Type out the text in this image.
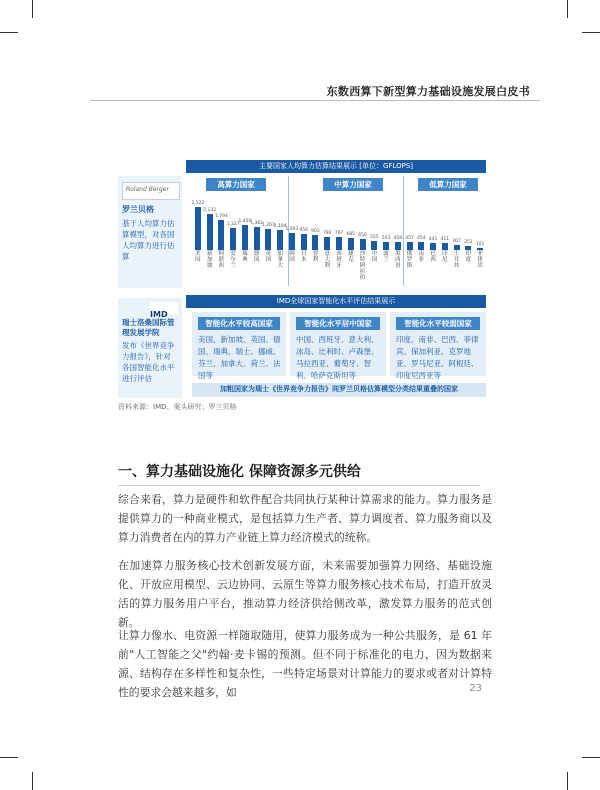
东数西算下新型算力基础设施发展白皮书
主要国家人均算力估算结果展示 [单位：GFLOPS]
Roland Berger
罗兰贝格
基于人均算力估算模型，对各国人均算力进行估算
高算力国家	中算力国家	低算力国家
2,522
2,132
1,794
1,327
1,450
1,362
1,263
1,194
1,003 956 903 790 767 685 650 555 503 458 457 454 441 411 307 252
101
美国
新加坡
阿联酋
爱尔兰
瑞典
德国
英国
加拿大
韩国
日本
智利
意大利
西班牙
捷克
沙特阿拉伯
中国
波兰
墨西哥
俄罗斯
南非
巴西
印尼
土耳其
印度
菲律宾
IMD全球国家智能化水平评估结果展示
IMD
瑞士洛桑国际管理发展学院
发布《世界竞争力报告》，针对各国智能化水平进行评估
智能化水平较高国家	智能化水平居中国家	智能化水平较弱国家
美国、新加坡、英国、德国、瑞典、瑞士、挪威、芬兰、加拿大、荷兰、法国等
中国、西班牙、意大利、冰岛、比利时、卢森堡、马拉西亚、葡萄牙、智利、哈萨克斯坦等
印度、南非、巴西、菲律宾、保加利亚、克罗地亚、罗马尼亚、阿根廷、印度尼西亚等
加粗国家为瑞士《世界竞争力报告》同罗兰贝格估算模型分类结果重叠的国家
资料来源：IMD、案头研究；罗兰贝格
一、算力基础设施化 保障资源多元供给
综合来看，算力是硬件和软件配合共同执行某种计算需求的能力。算力服务是提供算力的一种商业模式，是包括算力生产者、算力调度者、算力服务商以及算力消费者在内的算力产业链上算力经济模式的统称。
在加速算力服务核心技术创新发展方面，未来需要加强算力网络、基础设施化、开放应用模型、云边协同、云原生等算力服务核心技术布局，打造开放灵活的算力服务用户平台，推动算力经济供给侧改革，激发算力服务的范式创新。
让算力像水、电资源一样随取随用，使算力服务成为一种公共服务，是 61 年前"人工智能之父"约翰·麦卡锡的预测。但不同于标准化的电力，因为数据来源、结构存在多样性和复杂性，一些特定场景对计算能力的要求或者对计算特性的要求会越来越多，如	23
